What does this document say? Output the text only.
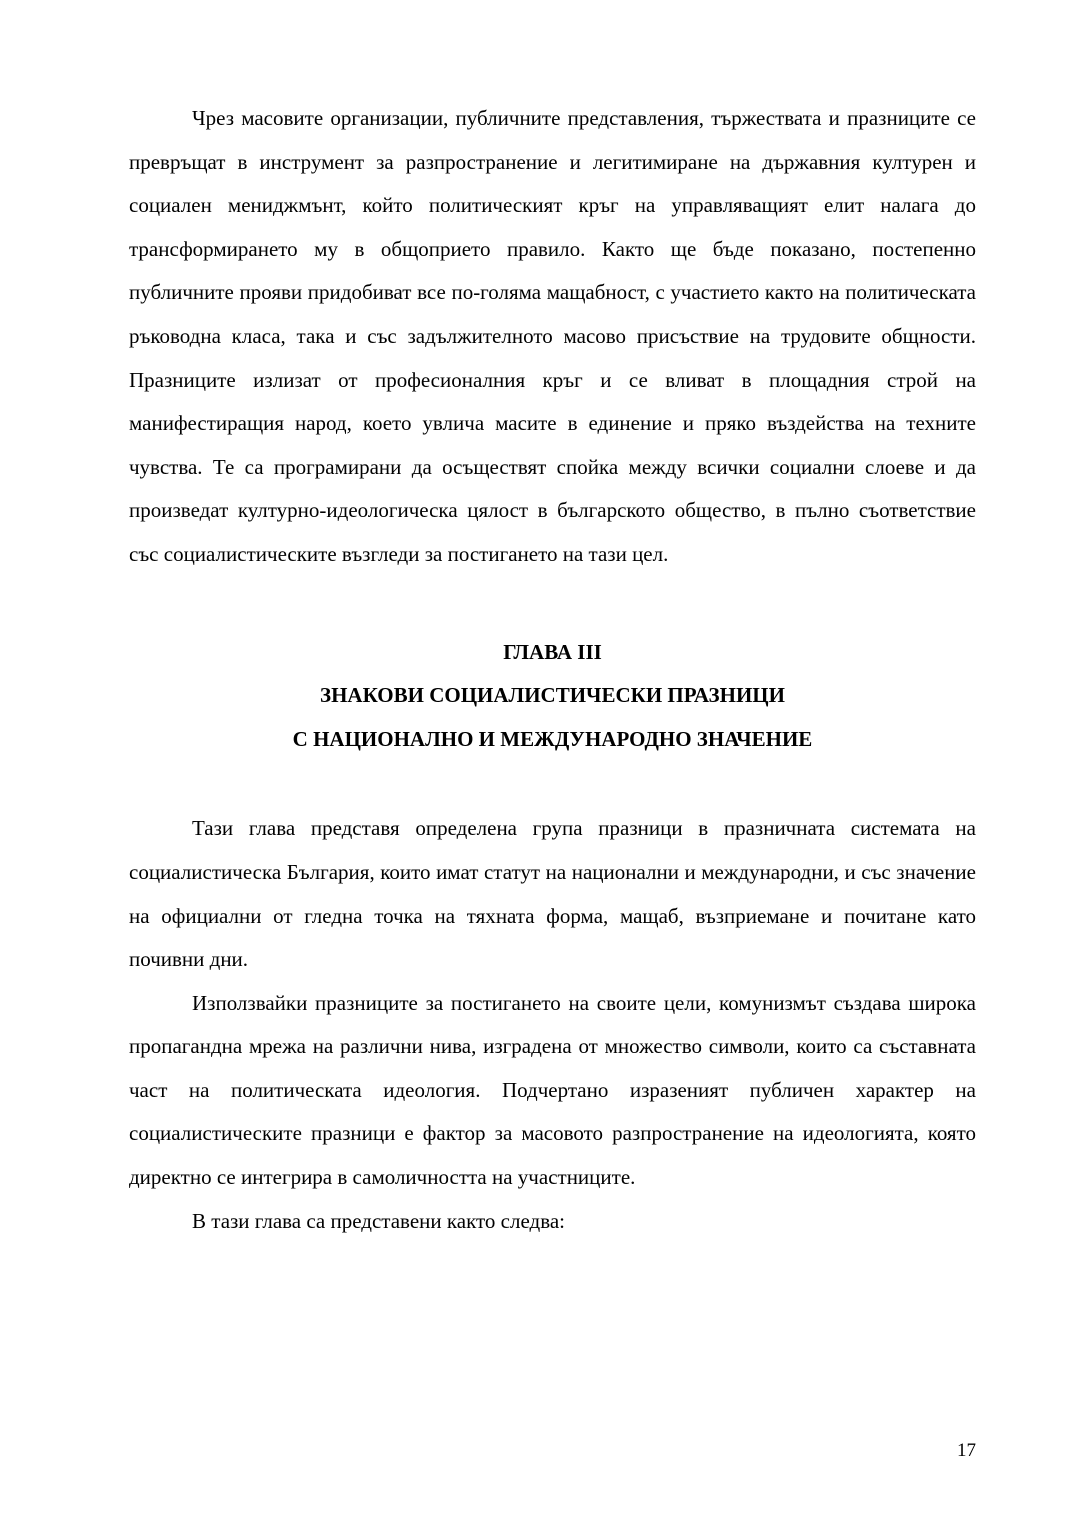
Чрез масовите организации, публичните представления, тържествата и празниците се превръщат в инструмент за разпространение и легитимиране на държавния културен и социален мениджмънт, който политическият кръг на управляващият елит налага до трансформирането му в общоприето правило. Както ще бъде показано, постепенно публичните прояви придобиват все по-голяма мащабност, с участието както на политическата ръководна класа, така и със задължителното масово присъствие на трудовите общности. Празниците излизат от професионалния кръг и се вливат в площадния строй на манифестиращия народ, което увлича масите в единение и пряко въздейства на техните чувства. Те са програмирани да осъществят спойка между всички социални слоеве и да произведат културно-идеологическа цялост в българското общество, в пълно съответствие със социалистическите възгледи за постигането на тази цел.

ГЛАВА III

ЗНАКОВИ СОЦИАЛИСТИЧЕСКИ ПРАЗНИЦИ

С НАЦИОНАЛНО И МЕЖДУНАРОДНО ЗНАЧЕНИЕ

Тази глава представя определена група празници в празничната системата на социалистическа България, които имат статут на национални и международни, и със значение на официални от гледна точка на тяхната форма, мащаб, възприемане и почитане като почивни дни.

Използвайки празниците за постигането на своите цели, комунизмът създава широка пропагандна мрежа на различни нива, изградена от множество символи, които са съставната част на политическата идеология. Подчертано изразеният публичен характер на социалистическите празници е фактор за масовото разпространение на идеологията, която директно се интегрира в самоличността на участниците.

В тази глава са представени както следва:

17
